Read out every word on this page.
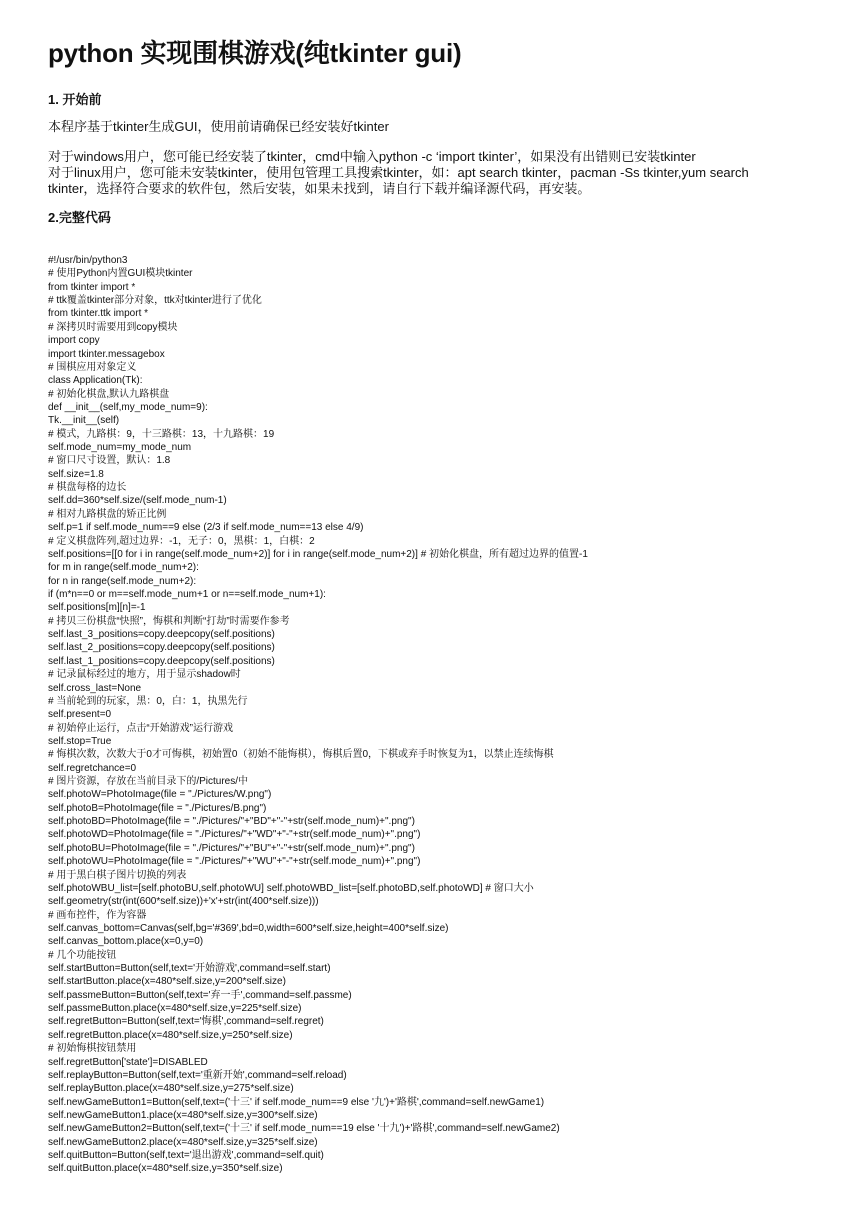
python 实现围棋游戏(纯tkinter gui)
1. 开始前

本程序基于tkinter生成GUI，使用前请确保已经安装好tkinter

对于windows用户，您可能已经安装了tkinter，cmd中输入python -c ‘import tkinter’，如果没有出错则已安装tkinter

对于linux用户，您可能未安装tkinter，使用包管理工具搜索tkinter，如：apt search tkinter，pacman -Ss tkinter,yum search tkinter，选择符合要求的软件包，然后安装，如果未找到，请自行下载并编译源代码，再安装。

2.完整代码
#!/usr/bin/python3
# 使用Python内置GUI模块tkinter
from tkinter import *
# ttk覆盖tkinter部分对象，ttk对tkinter进行了优化
from tkinter.ttk import *
# 深拷贝时需要用到copy模块
import copy
import tkinter.messagebox
# 围棋应用对象定义
class Application(Tk):
# 初始化棋盘,默认九路棋盘
def __init__(self,my_mode_num=9):
Tk.__init__(self)
# 模式，九路棋：9，十三路棋：13，十九路棋：19
self.mode_num=my_mode_num
# 窗口尺寸设置，默认：1.8
self.size=1.8
# 棋盘每格的边长
self.dd=360*self.size/(self.mode_num-1)
# 相对九路棋盘的矫正比例
self.p=1 if self.mode_num==9 else (2/3 if self.mode_num==13 else 4/9)
# 定义棋盘阵列,超过边界：-1，无子：0，黑棋：1，白棋：2
self.positions=[[0 for i in range(self.mode_num+2)] for i in range(self.mode_num+2)] # 初始化棋盘，所有超过边界的值置-1
for m in range(self.mode_num+2):
for n in range(self.mode_num+2):
if (m*n==0 or m==self.mode_num+1 or n==self.mode_num+1):
self.positions[m][n]=-1
# 拷贝三份棋盘“快照”，悔棋和判断“打劫”时需要作参考
self.last_3_positions=copy.deepcopy(self.positions)
self.last_2_positions=copy.deepcopy(self.positions)
self.last_1_positions=copy.deepcopy(self.positions)
# 记录鼠标经过的地方，用于显示shadow时
self.cross_last=None
# 当前轮到的玩家，黑：0，白：1，执黑先行
self.present=0
# 初始停止运行，点击“开始游戏”运行游戏
self.stop=True
# 悔棋次数，次数大于0才可悔棋，初始置0（初始不能悔棋），悔棋后置0，下棋或弃手时恢复为1，以禁止连续悔棋
self.regretchance=0
# 图片资源，存放在当前目录下的/Pictures/中
self.photoW=PhotoImage(file = "./Pictures/W.png")
self.photoB=PhotoImage(file = "./Pictures/B.png")
self.photoBD=PhotoImage(file = "./Pictures/"+"BD"+"-"+str(self.mode_num)+".png")
self.photoWD=PhotoImage(file = "./Pictures/"+"WD"+"-"+str(self.mode_num)+".png")
self.photoBU=PhotoImage(file = "./Pictures/"+"BU"+"-"+str(self.mode_num)+".png")
self.photoWU=PhotoImage(file = "./Pictures/"+"WU"+"-"+str(self.mode_num)+".png")
# 用于黑白棋子图片切换的列表
self.photoWBU_list=[self.photoBU,self.photoWU] self.photoWBD_list=[self.photoBD,self.photoWD] # 窗口大小
self.geometry(str(int(600*self.size))+'x'+str(int(400*self.size)))
# 画布控件，作为容器
self.canvas_bottom=Canvas(self,bg='#369',bd=0,width=600*self.size,height=400*self.size)
self.canvas_bottom.place(x=0,y=0)
# 几个功能按钮
self.startButton=Button(self,text='开始游戏',command=self.start)
self.startButton.place(x=480*self.size,y=200*self.size)
self.passmeButton=Button(self,text='弃一手',command=self.passme)
self.passmeButton.place(x=480*self.size,y=225*self.size)
self.regretButton=Button(self,text='悔棋',command=self.regret)
self.regretButton.place(x=480*self.size,y=250*self.size)
# 初始悔棋按钮禁用
self.regretButton['state']=DISABLED
self.replayButton=Button(self,text='重新开始',command=self.reload)
self.replayButton.place(x=480*self.size,y=275*self.size)
self.newGameButton1=Button(self,text=('十三' if self.mode_num==9 else '九')+'路棋',command=self.newGame1)
self.newGameButton1.place(x=480*self.size,y=300*self.size)
self.newGameButton2=Button(self,text=('十三' if self.mode_num==19 else '十九')+'路棋',command=self.newGame2)
self.newGameButton2.place(x=480*self.size,y=325*self.size)
self.quitButton=Button(self,text='退出游戏',command=self.quit)
self.quitButton.place(x=480*self.size,y=350*self.size)
